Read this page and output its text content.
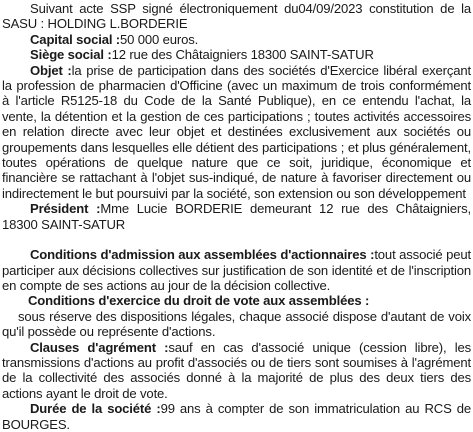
Suivant acte SSP signé électroniquement du04/09/2023 constitution de la SASU : HOLDING L.BORDERIE

Capital social :50 000 euros.

Siège social :12 rue des Châtaigniers 18300 SAINT-SATUR

Objet :la prise de participation dans des sociétés d'Exercice libéral exerçant la profession de pharmacien d'Officine (avec un maximum de trois conformément à l'article R5125-18 du Code de la Santé Publique), en ce entendu l'achat, la vente, la détention et la gestion de ces participations ; toutes activités accessoires en relation directe avec leur objet et destinées exclusivement aux sociétés ou groupements dans lesquelles elle détient des participations ; et plus généralement, toutes opérations de quelque nature que ce soit, juridique, économique et financière se rattachant à l'objet sus-indiqué, de nature à favoriser directement ou indirectement le but poursuivi par la société, son extension ou son développement

Président :Mme Lucie BORDERIE demeurant 12 rue des Châtaigniers, 18300 SAINT-SATUR

Conditions d'admission aux assemblées d'actionnaires :tout associé peut participer aux décisions collectives sur justification de son identité et de l'inscription en compte de ses actions au jour de la décision collective.

Conditions d'exercice du droit de vote aux assemblées :

sous réserve des dispositions légales, chaque associé dispose d'autant de voix qu'il possède ou représente d'actions.

Clauses d'agrément :sauf en cas d'associé unique (cession libre), les transmissions d'actions au profit d'associés ou de tiers sont soumises à l'agrément de la collectivité des associés donné à la majorité de plus des deux tiers des actions ayant le droit de vote.

Durée de la société :99 ans à compter de son immatriculation au RCS de BOURGES.
